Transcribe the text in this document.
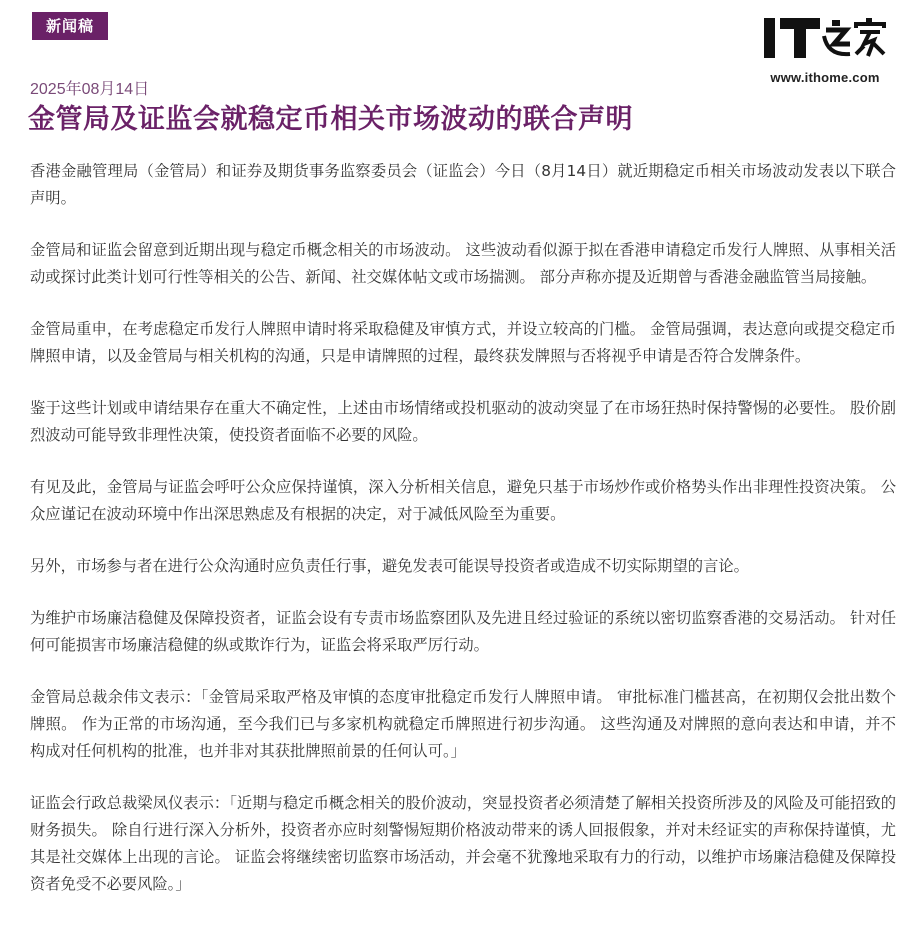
新闻稿
www.ithome.com
2025年08月14日
金管局及证监会就稳定币相关市场波动的联合声明

香港金融管理局（金管局）和证券及期货事务监察委员会（证监会）今日（8月14日）就近期稳定币相关市场波动发表以下联合声明。

金管局和证监会留意到近期出现与稳定币概念相关的市场波动。 这些波动看似源于拟在香港申请稳定币发行人牌照、从事相关活动或探讨此类计划可行性等相关的公告、新闻、社交媒体帖文或市场揣测。 部分声称亦提及近期曾与香港金融监管当局接触。

金管局重申，在考虑稳定币发行人牌照申请时将采取稳健及审慎方式，并设立较高的门槛。 金管局强调，表达意向或提交稳定币牌照申请，以及金管局与相关机构的沟通，只是申请牌照的过程，最终获发牌照与否将视乎申请是否符合发牌条件。

鉴于这些计划或申请结果存在重大不确定性，上述由市场情绪或投机驱动的波动突显了在市场狂热时保持警惕的必要性。 股价剧烈波动可能导致非理性决策，使投资者面临不必要的风险。

有见及此，金管局与证监会呼吁公众应保持谨慎，深入分析相关信息，避免只基于市场炒作或价格势头作出非理性投资决策。 公众应谨记在波动环境中作出深思熟虑及有根据的决定，对于减低风险至为重要。

另外，市场参与者在进行公众沟通时应负责任行事，避免发表可能误导投资者或造成不切实际期望的言论。

为维护市场廉洁稳健及保障投资者，证监会设有专责市场监察团队及先进且经过验证的系统以密切监察香港的交易活动。 针对任何可能损害市场廉洁稳健的纵或欺诈行为，证监会将采取严厉行动。

金管局总裁余伟文表示：「金管局采取严格及审慎的态度审批稳定币发行人牌照申请。 审批标准门槛甚高，在初期仅会批出数个牌照。 作为正常的市场沟通，至今我们已与多家机构就稳定币牌照进行初步沟通。 这些沟通及对牌照的意向表达和申请，并不构成对任何机构的批准，也并非对其获批牌照前景的任何认可。」

证监会行政总裁梁凤仪表示：「近期与稳定币概念相关的股价波动，突显投资者必须清楚了解相关投资所涉及的风险及可能招致的财务损失。 除自行进行深入分析外，投资者亦应时刻警惕短期价格波动带来的诱人回报假象，并对未经证实的声称保持谨慎，尤其是社交媒体上出现的言论。 证监会将继续密切监察市场活动，并会毫不犹豫地采取有力的行动，以维护市场廉洁稳健及保障投资者免受不必要风险。」
